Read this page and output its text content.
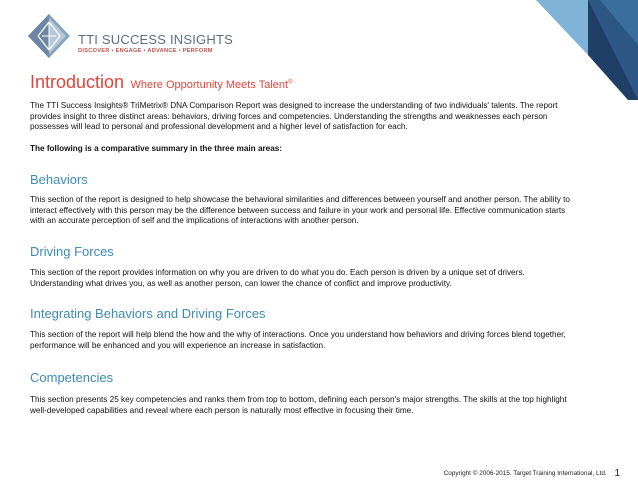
TTI SUCCESS INSIGHTS
DISCOVER • ENGAGE • ADVANCE • PERFORM
Introduction Where Opportunity Meets Talent®
The TTI Success Insights® TriMetrix® DNA Comparison Report was designed to increase the understanding of two individuals' talents. The report provides insight to three distinct areas: behaviors, driving forces and competencies. Understanding the strengths and weaknesses each person possesses will lead to personal and professional development and a higher level of satisfaction for each.
The following is a comparative summary in the three main areas:
Behaviors
This section of the report is designed to help showcase the behavioral similarities and differences between yourself and another person. The ability to interact effectively with this person may be the difference between success and failure in your work and personal life. Effective communication starts with an accurate perception of self and the implications of interactions with another person.
Driving Forces
This section of the report provides information on why you are driven to do what you do. Each person is driven by a unique set of drivers. Understanding what drives you, as well as another person, can lower the chance of conflict and improve productivity.
Integrating Behaviors and Driving Forces
This section of the report will help blend the how and the why of interactions. Once you understand how behaviors and driving forces blend together, performance will be enhanced and you will experience an increase in satisfaction.
Competencies
This section presents 25 key competencies and ranks them from top to bottom, defining each person's major strengths. The skills at the top highlight well-developed capabilities and reveal where each person is naturally most effective in focusing their time.
Copyright © 2006-2015. Target Training International, Ltd. 1
